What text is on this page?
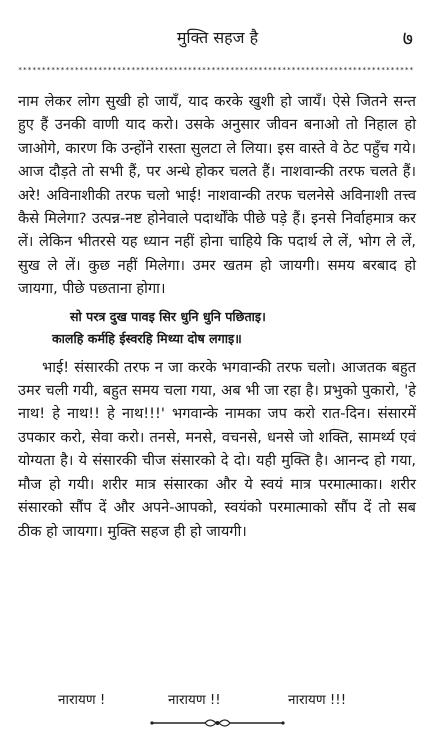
मुक्ति सहज है	७
************************************************************************************

नाम लेकर लोग सुखी हो जायँ, याद करके खुशी हो जायँ। ऐसे जितने सन्त हुए हैं उनकी वाणी याद करो। उसके अनुसार जीवन बनाओ तो निहाल हो जाओगे, कारण कि उन्होंने रास्ता सुलटा ले लिया। इस वास्ते वे ठेट पहुँच गये। आज दौड़ते तो सभी हैं, पर अन्धे होकर चलते हैं। नाशवान्की तरफ चलते हैं। अरे! अविनाशीकी तरफ चलो भाई! नाशवान्की तरफ चलनेसे अविनाशी तत्त्व कैसे मिलेगा? उत्पन्न-नष्ट होनेवाले पदार्थोंके पीछे पड़े हैं। इनसे निर्वाहमात्र कर लें। लेकिन भीतरसे यह ध्यान नहीं होना चाहिये कि पदार्थ ले लें, भोग ले लें, सुख ले लें। कुछ नहीं मिलेगा। उमर खतम हो जायगी। समय बरबाद हो जायगा, पीछे पछताना होगा।

सो परत्र दुख पावइ सिर धुनि धुनि पछिताइ।
कालहि कर्महि ईस्वरहि मिथ्या दोष लगाइ॥

भाई! संसारकी तरफ न जा करके भगवान्की तरफ चलो। आजतक बहुत उमर चली गयी, बहुत समय चला गया, अब भी जा रहा है। प्रभुको पुकारो, 'हे नाथ! हे नाथ!! हे नाथ!!!' भगवान्के नामका जप करो रात-दिन। संसारमें उपकार करो, सेवा करो। तनसे, मनसे, वचनसे, धनसे जो शक्ति, सामर्थ्य एवं योग्यता है। ये संसारकी चीज संसारको दे दो। यही मुक्ति है। आनन्द हो गया, मौज हो गयी। शरीर मात्र संसारका और ये स्वयं मात्र परमात्माका। शरीर संसारको सौंप दें और अपने-आपको, स्वयंको परमात्माको सौंप दें तो सब ठीक हो जायगा। मुक्ति सहज ही हो जायगी।

नारायण !	नारायण !!	नारायण !!!
